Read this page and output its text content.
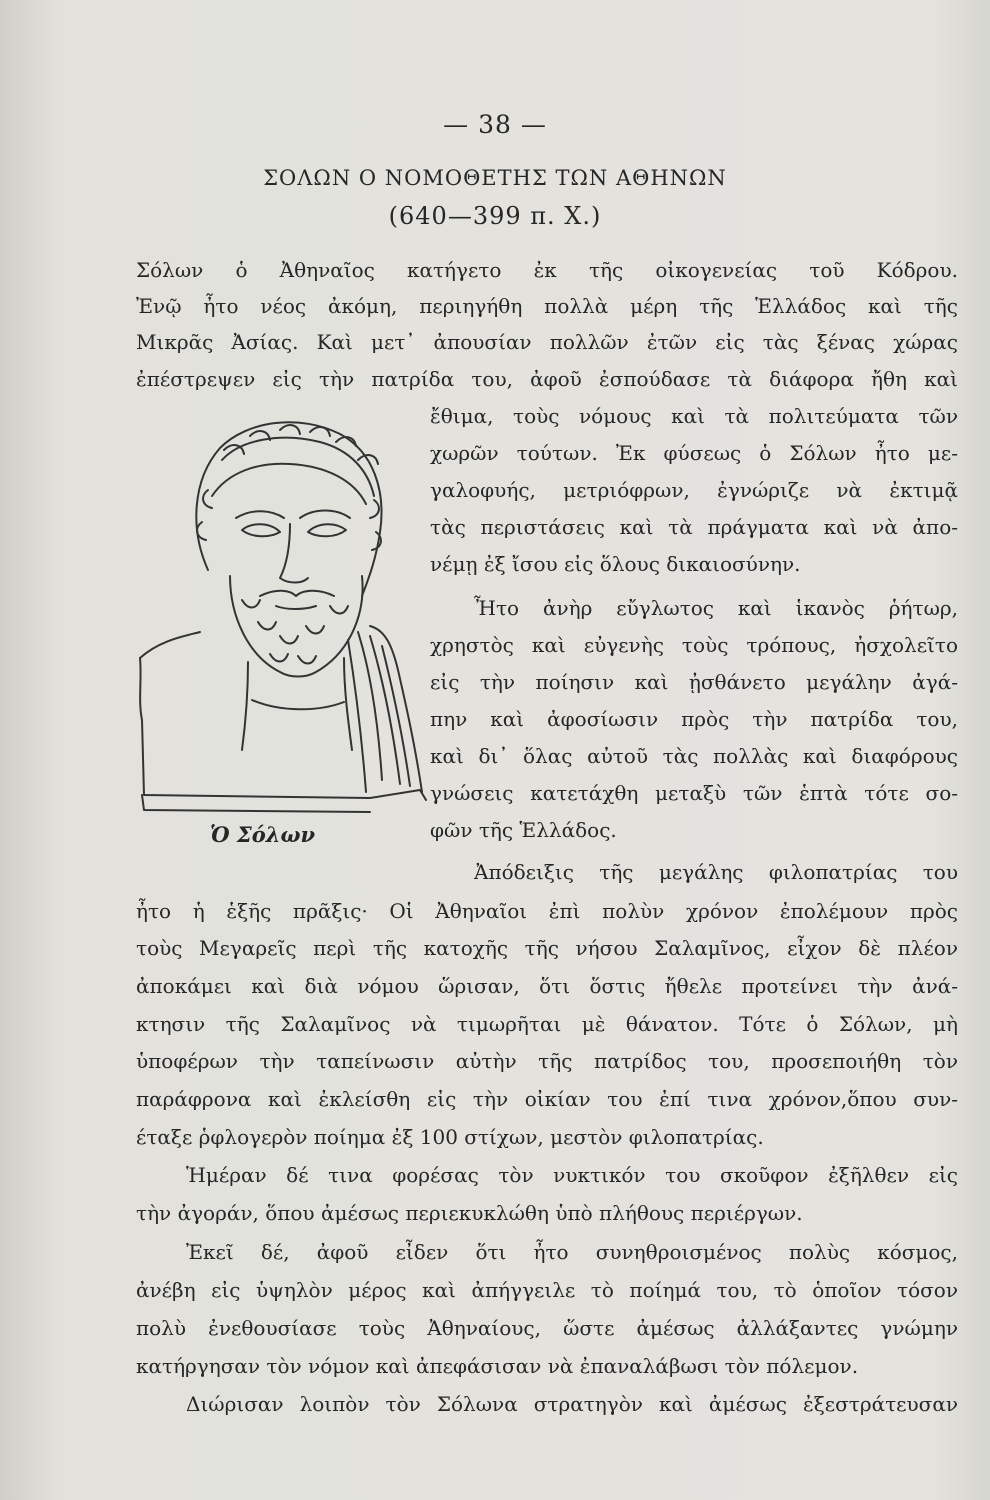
— 38 —
ΣΟΛΩΝ Ο ΝΟΜΟΘΕΤΗΣ ΤΩΝ ΑΘΗΝΩΝ
(640—399 π. Χ.)
Σόλων ὁ Ἀθηναῖος κατήγετο ἐκ τῆς οἰκογενείας τοῦ Κόδρου.
Ἐνῷ ἦτο νέος ἀκόμη, περιηγήθη πολλὰ μέρη τῆς Ἑλλάδος καὶ τῆς
Μικρᾶς Ἀσίας. Καὶ μετ᾽ ἀπουσίαν πολλῶν ἐτῶν εἰς τὰς ξένας χώρας
ἐπέστρεψεν εἰς τὴν πατρίδα του, ἀφοῦ ἐσπούδασε τὰ διάφορα ἤθη καὶ
ἔθιμα, τοὺς νόμους καὶ τὰ πολιτεύματα τῶν
χωρῶν τούτων. Ἐκ φύσεως ὁ Σόλων ἦτο με-
γαλοφυής, μετριόφρων, ἐγνώριζε νὰ ἐκτιμᾷ
τὰς περιστάσεις καὶ τὰ πράγματα καὶ νὰ ἀπο-
νέμῃ ἐξ ἴσου εἰς ὅλους δικαιοσύνην.
Ἦτο ἀνὴρ εὔγλωτος καὶ ἱκανὸς ῥήτωρ,
χρηστὸς καὶ εὐγενὴς τοὺς τρόπους, ἠσχολεῖτο
εἰς τὴν ποίησιν καὶ ᾐσθάνετο μεγάλην ἀγά-
πην καὶ ἀφοσίωσιν πρὸς τὴν πατρίδα του,
καὶ δι᾽ ὅλας αὐτοῦ τὰς πολλὰς καὶ διαφόρους
γνώσεις κατετάχθη μεταξὺ τῶν ἑπτὰ τότε σο-
φῶν τῆς Ἑλλάδος.
Ἀπόδειξις τῆς μεγάλης φιλοπατρίας του
ἦτο ἡ ἑξῆς πρᾶξις· Οἱ Ἀθηναῖοι ἐπὶ πολὺν χρόνον ἐπολέμουν πρὸς
τοὺς Μεγαρεῖς περὶ τῆς κατοχῆς τῆς νήσου Σαλαμῖνος, εἶχον δὲ πλέον
ἀποκάμει καὶ διὰ νόμου ὥρισαν, ὅτι ὅστις ἤθελε προτείνει τὴν ἀνά-
κτησιν τῆς Σαλαμῖνος νὰ τιμωρῆται μὲ θάνατον. Τότε ὁ Σόλων, μὴ
ὑποφέρων τὴν ταπείνωσιν αὐτὴν τῆς πατρίδος του, προσεποιήθη τὸν
παράφρονα καὶ ἐκλείσθη εἰς τὴν οἰκίαν του ἐπί τινα χρόνον,ὅπου συν-
έταξε ῥφλογερὸν ποίημα ἐξ 100 στίχων, μεστὸν φιλοπατρίας.
Ἡμέραν δέ τινα φορέσας τὸν νυκτικόν του σκοῦφον ἐξῆλθεν εἰς
τὴν ἀγοράν, ὅπου ἀμέσως περιεκυκλώθη ὑπὸ πλήθους περιέργων.
Ἐκεῖ δέ, ἀφοῦ εἶδεν ὅτι ἦτο συνηθροισμένος πολὺς κόσμος,
ἀνέβη εἰς ὑψηλὸν μέρος καὶ ἀπήγγειλε τὸ ποίημά του, τὸ ὁποῖον τόσον
πολὺ ἐνεθουσίασε τοὺς Ἀθηναίους, ὥστε ἀμέσως ἀλλάξαντες γνώμην
κατήργησαν τὸν νόμον καὶ ἀπεφάσισαν νὰ ἐπαναλάβωσι τὸν πόλεμον.
Διώρισαν λοιπὸν τὸν Σόλωνα στρατηγὸν καὶ ἀμέσως ἐξεστράτευσαν
Ὁ Σόλων
